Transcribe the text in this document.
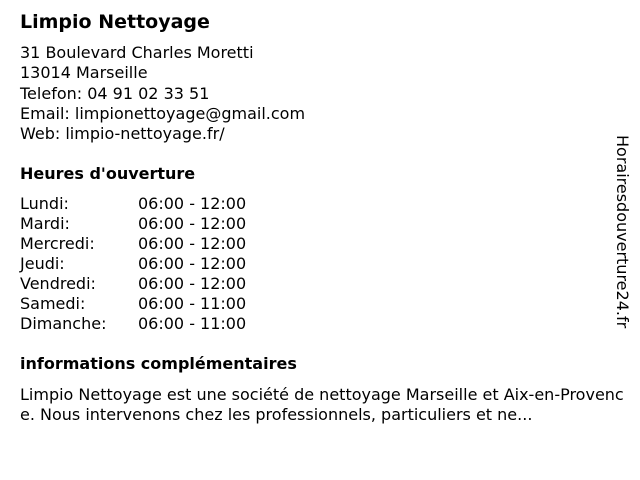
Limpio Nettoyage
31 Boulevard Charles Moretti
13014 Marseille
Telefon: 04 91 02 33 51
Email: limpionettoyage@gmail.com
Web: limpio-nettoyage.fr/
Heures d'ouverture
Lundi:	06:00 - 12:00
Mardi:	06:00 - 12:00
Mercredi:	06:00 - 12:00
Jeudi:	06:00 - 12:00
Vendredi:	06:00 - 12:00
Samedi:	06:00 - 11:00
Dimanche:	06:00 - 11:00
informations complémentaires
Limpio Nettoyage est une société de nettoyage Marseille et Aix-en-Provence. Nous intervenons chez les professionnels, particuliers et ne...
Horairesdouverture24.fr
